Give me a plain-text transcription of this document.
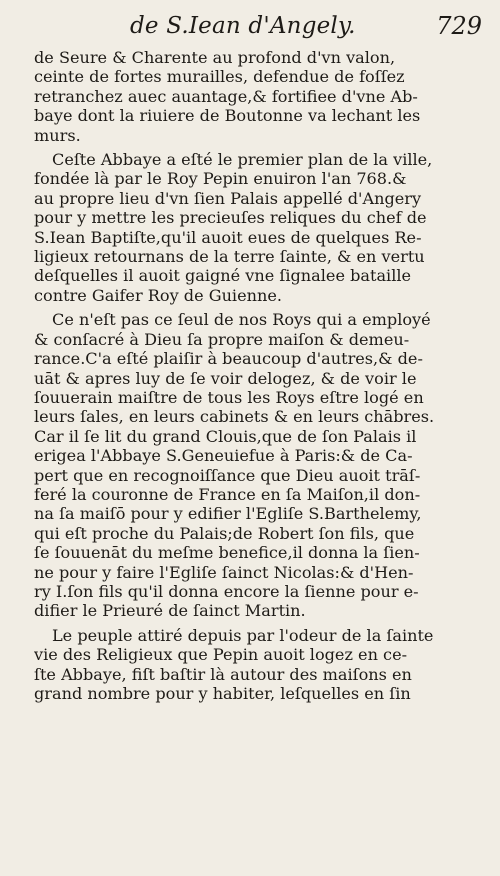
de S.Iean d'Angely.	729

de Seure & Charente au profond d'vn valon,
ceinte de fortes murailles, defendue de foſſez
retranchez auec auantage,& fortifiee d'vne Ab-
baye dont la riuiere de Boutonne va lechant les
murs.

Ceſte Abbaye a eſté le premier plan de la ville,
fondée là par le Roy Pepin enuiron l'an 768.&
au propre lieu d'vn ſien Palais appellé d'Angery
pour y mettre les precieuſes reliques du chef de
S.Iean Baptiſte,qu'il auoit eues de quelques Re-
ligieux retournans de la terre ſainte, & en vertu
deſquelles il auoit gaigné vne ſignalee bataille
contre Gaifer Roy de Guienne.

Ce n'eſt pas ce ſeul de nos Roys qui a employé
& conſacré à Dieu ſa propre maiſon & demeu-
rance.C'a eſté plaiſir à beaucoup d'autres,& de-
uāt & apres luy de ſe voir delogez, & de voir le
ſouuerain maiſtre de tous les Roys eſtre logé en
leurs ſales, en leurs cabinets & en leurs chābres.
Car il ſe lit du grand Clouis,que de ſon Palais il
erigea l'Abbaye S.Geneuiefue à Paris:& de Ca-
pert que en recognoiſſance que Dieu auoit trāſ-
feré la couronne de France en ſa Maiſon,il don-
na ſa maiſō pour y edifier l'Egliſe S.Barthelemy,
qui eſt proche du Palais;de Robert ſon fils, que
ſe ſouuenāt du meſme benefice,il donna la ſien-
ne pour y faire l'Egliſe ſainct Nicolas:& d'Hen-
ry I.ſon fils qu'il donna encore la ſienne pour e-
difier le Prieuré de ſainct Martin.

Le peuple attiré depuis par l'odeur de la ſainte
vie des Religieux que Pepin auoit logez en ce-
ſte Abbaye, fiſt baſtir là autour des maiſons en
grand nombre pour y habiter, leſquelles en ſin
